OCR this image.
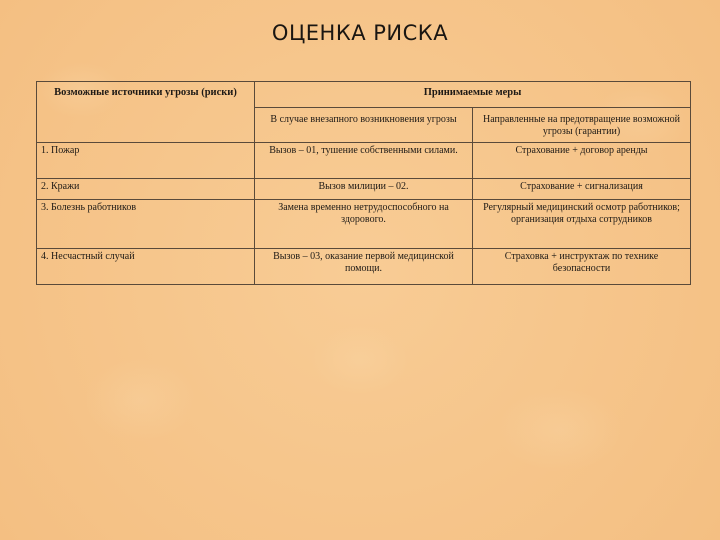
ОЦЕНКА РИСКА
Возможные источники угрозы (риски)	Принимаемые меры	
	В случае внезапного возникновения угрозы	Направленные на предотвращение возможной угрозы (гарантии)
1. Пожар	Вызов – 01, тушение собственными силами.	Страхование + договор аренды
2. Кражи	Вызов милиции – 02.	Страхование + сигнализация
3. Болезнь работников	Замена временно нетрудоспособного на здорового.	Регулярный медицинский осмотр работников; организация отдыха сотрудников
4. Несчастный случай	Вызов – 03, оказание первой медицинской помощи.	Страховка + инструктаж по технике безопасности
